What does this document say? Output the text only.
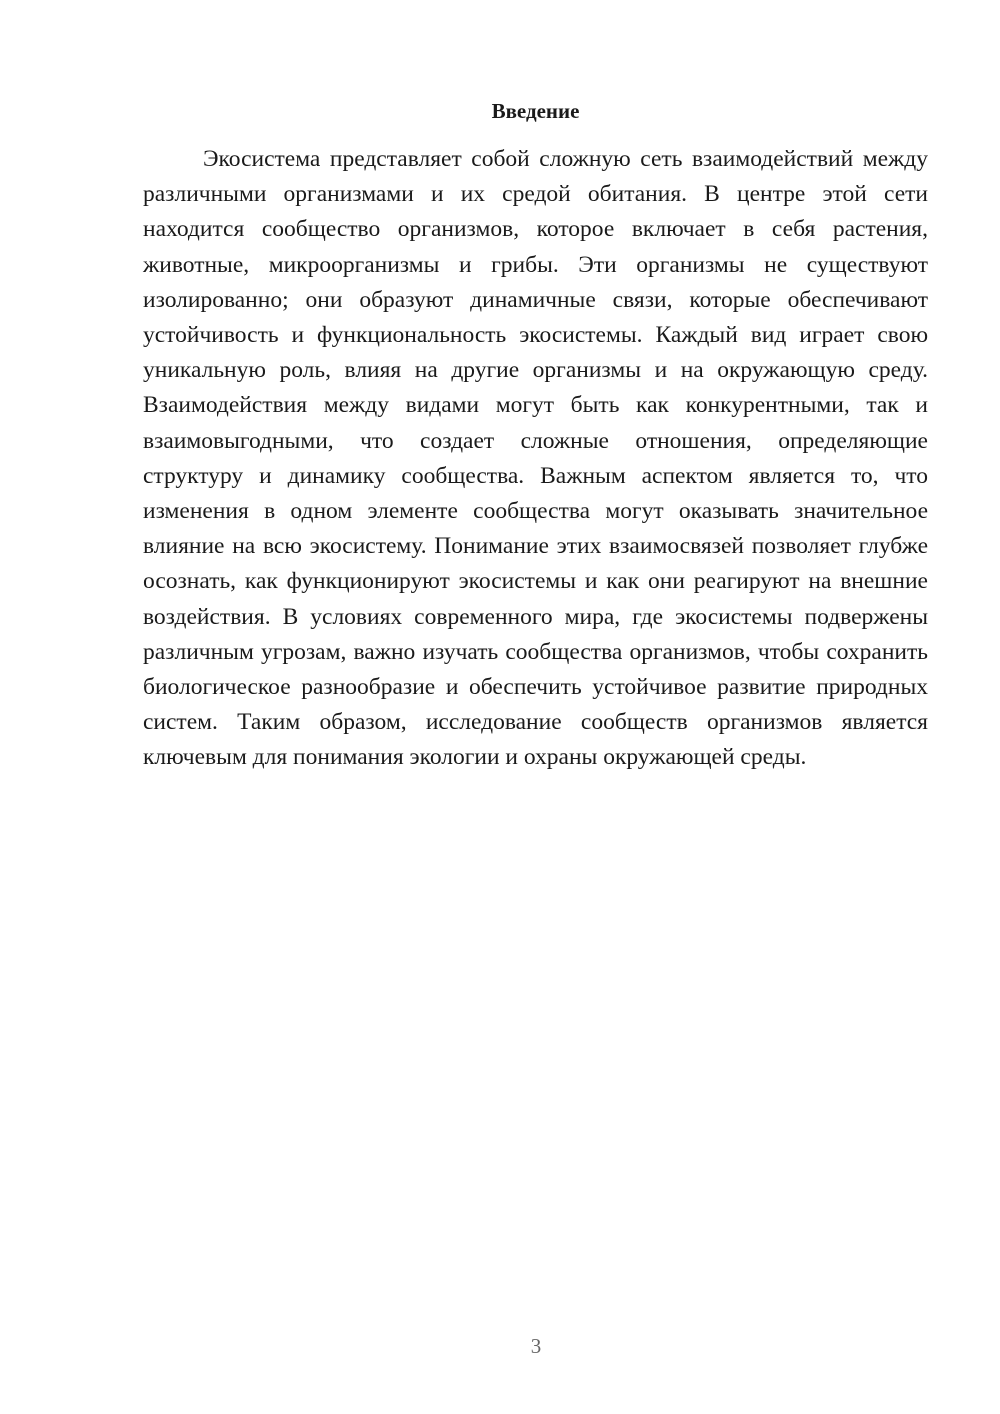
Введение

Экосистема представляет собой сложную сеть взаимодействий между различными организмами и их средой обитания. В центре этой сети находится сообщество организмов, которое включает в себя растения, животные, микроорганизмы и грибы. Эти организмы не существуют изолированно; они образуют динамичные связи, которые обеспечивают устойчивость и функциональность экосистемы. Каждый вид играет свою уникальную роль, влияя на другие организмы и на окружающую среду. Взаимодействия между видами могут быть как конкурентными, так и взаимовыгодными, что создает сложные отношения, определяющие структуру и динамику сообщества. Важным аспектом является то, что изменения в одном элементе сообщества могут оказывать значительное влияние на всю экосистему. Понимание этих взаимосвязей позволяет глубже осознать, как функционируют экосистемы и как они реагируют на внешние воздействия. В условиях современного мира, где экосистемы подвержены различным угрозам, важно изучать сообщества организмов, чтобы сохранить биологическое разнообразие и обеспечить устойчивое развитие природных систем. Таким образом, исследование сообществ организмов является ключевым для понимания экологии и охраны окружающей среды.

3
